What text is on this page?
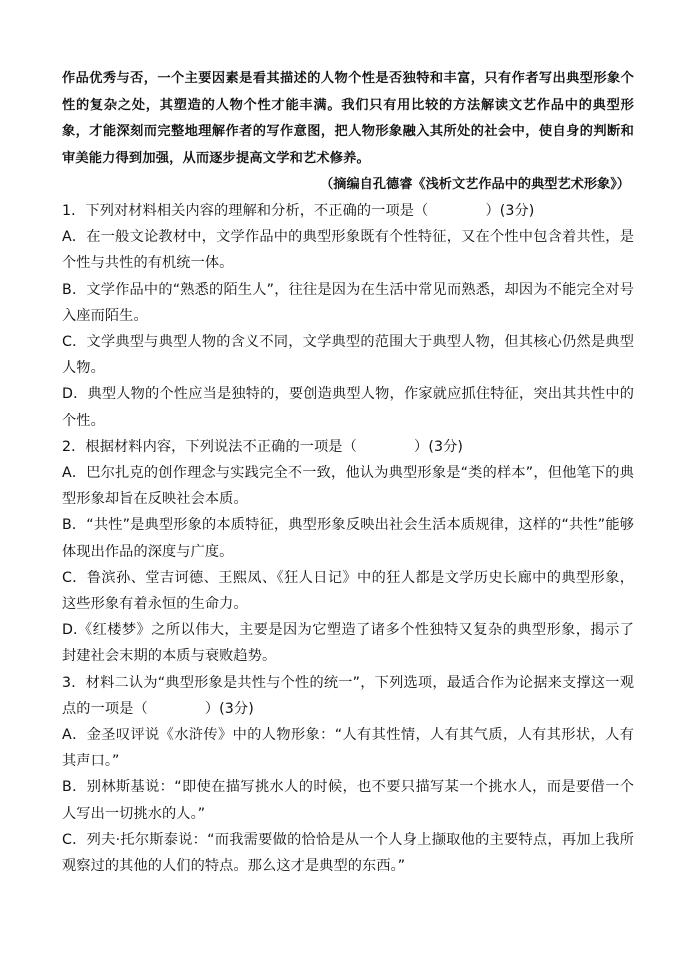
作品优秀与否，一个主要因素是看其描述的人物个性是否独特和丰富，只有作者写出典型形象个性的复杂之处，其塑造的人物个性才能丰满。我们只有用比较的方法解读文艺作品中的典型形象，才能深刻而完整地理解作者的写作意图，把人物形象融入其所处的社会中，使自身的判断和审美能力得到加强，从而逐步提高文学和艺术修养。

（摘编自孔德睿《浅析文艺作品中的典型艺术形象》）

1．下列对材料相关内容的理解和分析，不正确的一项是（　　　　）(3分)

A．在一般文论教材中，文学作品中的典型形象既有个性特征，又在个性中包含着共性，是个性与共性的有机统一体。

B．文学作品中的“熟悉的陌生人”，往往是因为在生活中常见而熟悉，却因为不能完全对号入座而陌生。

C．文学典型与典型人物的含义不同，文学典型的范围大于典型人物，但其核心仍然是典型人物。

D．典型人物的个性应当是独特的，要创造典型人物，作家就应抓住特征，突出其共性中的个性。

2．根据材料内容，下列说法不正确的一项是（　　　　）(3分)

A．巴尔扎克的创作理念与实践完全不一致，他认为典型形象是“类的样本”，但他笔下的典型形象却旨在反映社会本质。

B．“共性”是典型形象的本质特征，典型形象反映出社会生活本质规律，这样的“共性”能够体现出作品的深度与广度。

C．鲁滨孙、堂吉诃德、王熙凤、《狂人日记》中的狂人都是文学历史长廊中的典型形象，这些形象有着永恒的生命力。

D.《红楼梦》之所以伟大，主要是因为它塑造了诸多个性独特又复杂的典型形象，揭示了封建社会末期的本质与衰败趋势。

3．材料二认为“典型形象是共性与个性的统一”，下列选项，最适合作为论据来支撑这一观点的一项是（　　　　）(3分)

A．金圣叹评说《水浒传》中的人物形象：“人有其性情，人有其气质，人有其形状，人有其声口。”

B．别林斯基说：“即使在描写挑水人的时候，也不要只描写某一个挑水人，而是要借一个人写出一切挑水的人。”

C．列夫·托尔斯泰说：“而我需要做的恰恰是从一个人身上撷取他的主要特点，再加上我所观察过的其他的人们的特点。那么这才是典型的东西。”
